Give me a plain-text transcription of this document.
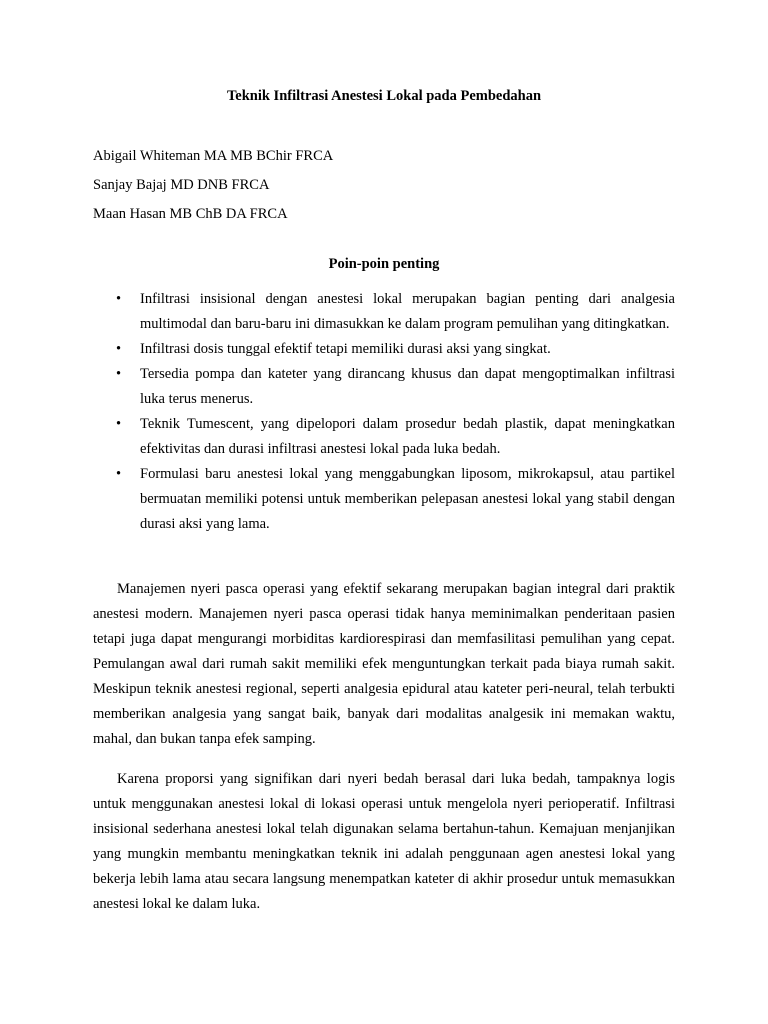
Teknik Infiltrasi Anestesi Lokal pada Pembedahan
Abigail Whiteman MA MB BChir FRCA
Sanjay Bajaj MD DNB FRCA
Maan Hasan MB ChB DA FRCA
Poin-poin penting
• Infiltrasi insisional dengan anestesi lokal merupakan bagian penting dari analgesia multimodal dan baru-baru ini dimasukkan ke dalam program pemulihan yang ditingkatkan.
• Infiltrasi dosis tunggal efektif tetapi memiliki durasi aksi yang singkat.
• Tersedia pompa dan kateter yang dirancang khusus dan dapat mengoptimalkan infiltrasi luka terus menerus.
• Teknik Tumescent, yang dipelopori dalam prosedur bedah plastik, dapat meningkatkan efektivitas dan durasi infiltrasi anestesi lokal pada luka bedah.
• Formulasi baru anestesi lokal yang menggabungkan liposom, mikrokapsul, atau partikel bermuatan memiliki potensi untuk memberikan pelepasan anestesi lokal yang stabil dengan durasi aksi yang lama.

Manajemen nyeri pasca operasi yang efektif sekarang merupakan bagian integral dari praktik anestesi modern. Manajemen nyeri pasca operasi tidak hanya meminimalkan penderitaan pasien tetapi juga dapat mengurangi morbiditas kardiorespirasi dan memfasilitasi pemulihan yang cepat. Pemulangan awal dari rumah sakit memiliki efek menguntungkan terkait pada biaya rumah sakit. Meskipun teknik anestesi regional, seperti analgesia epidural atau kateter peri-neural, telah terbukti memberikan analgesia yang sangat baik, banyak dari modalitas analgesik ini memakan waktu, mahal, dan bukan tanpa efek samping.

Karena proporsi yang signifikan dari nyeri bedah berasal dari luka bedah, tampaknya logis untuk menggunakan anestesi lokal di lokasi operasi untuk mengelola nyeri perioperatif. Infiltrasi insisional sederhana anestesi lokal telah digunakan selama bertahun-tahun. Kemajuan menjanjikan yang mungkin membantu meningkatkan teknik ini adalah penggunaan agen anestesi lokal yang bekerja lebih lama atau secara langsung menempatkan kateter di akhir prosedur untuk memasukkan anestesi lokal ke dalam luka.
